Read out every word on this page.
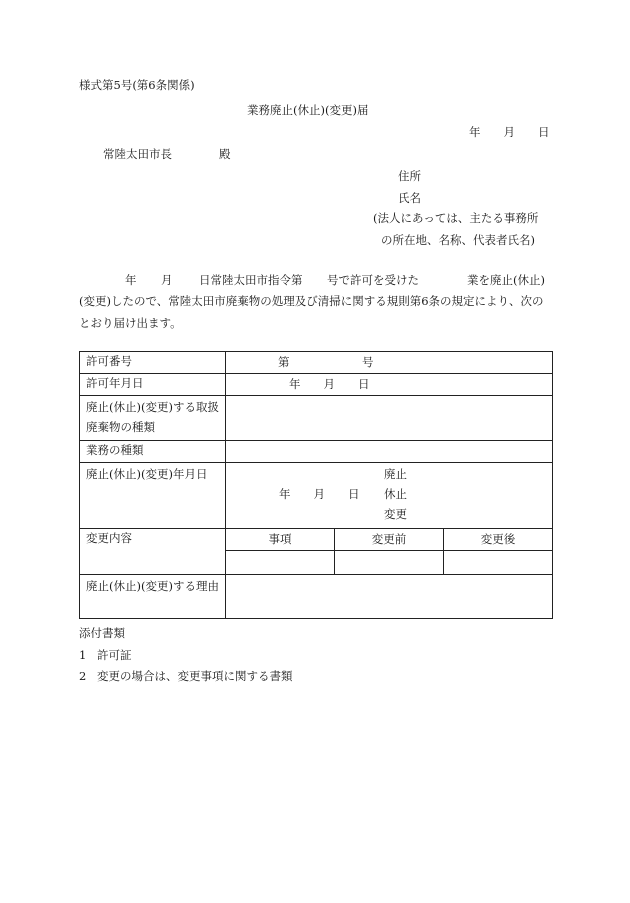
様式第5号(第6条関係)
業務廃止(休止)(変更)届
年　　月　　日
常陸太田市長	殿
住所
氏名
(法人にあっては、主たる事務所
の所在地、名称、代表者氏名)
年 月 日常陸太田市指令第 号で許可を受けた	業を廃止(休止)
(変更)したので、常陸太田市廃棄物の処理及び清掃に関する規則第6条の規定により、次の
とおり届け出ます。
許可番号	第 号		

許可年月日	年　　月　　日		

廃止(休止)(変更)する取扱廃棄物の種類			
業務の種類			
廃止(休止)(変更)年月日	年　　月　　日
廃止
休止
変更		

変更内容	事項	変更前	変更後

廃止(休止)(変更)する理由			
添付書類
1 許可証
2 変更の場合は、変更事項に関する書類
